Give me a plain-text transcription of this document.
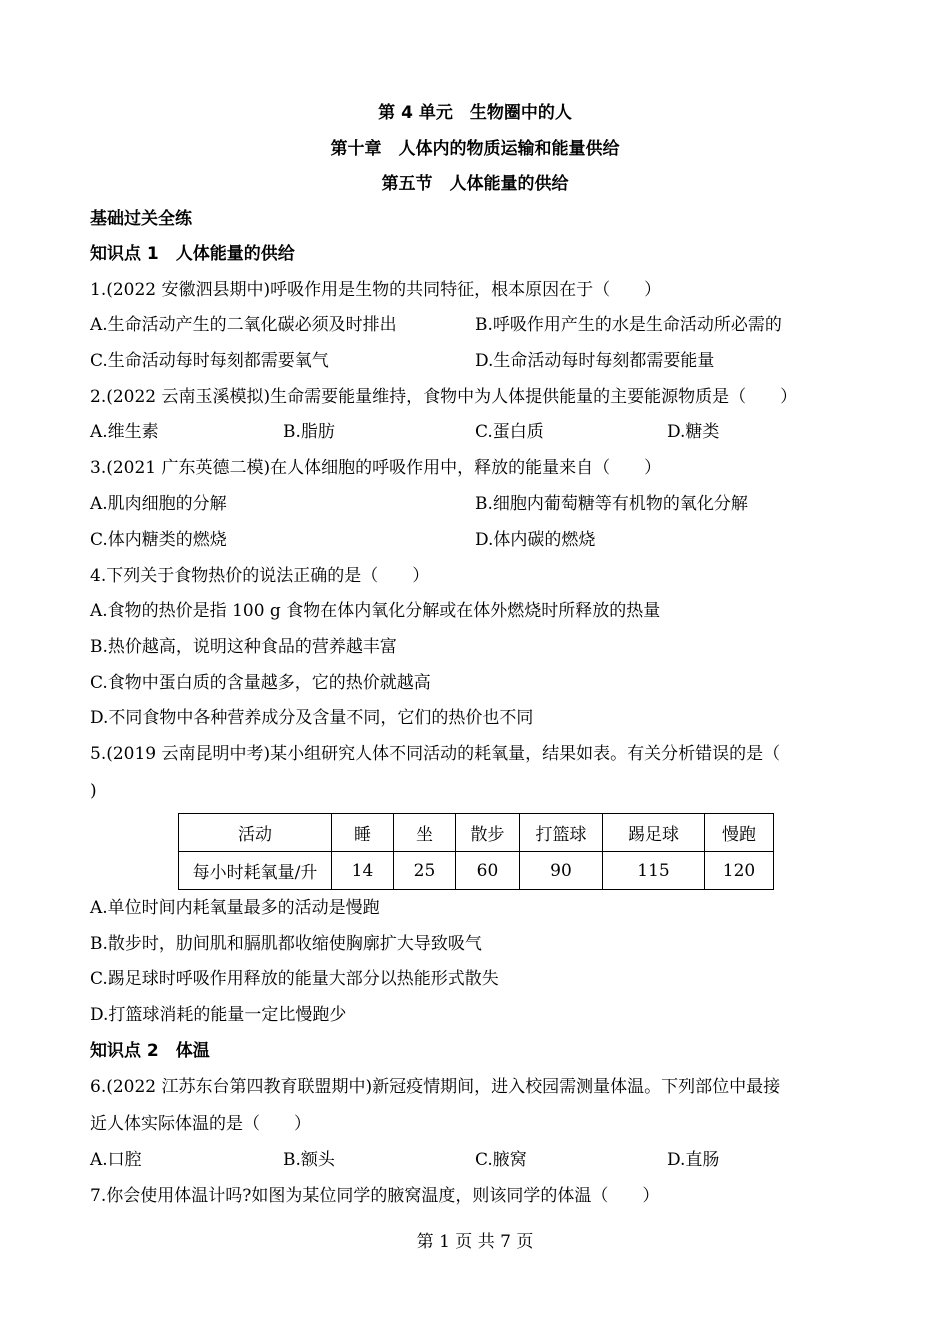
第 4 单元　生物圈中的人
第十章　人体内的物质运输和能量供给
第五节　人体能量的供给
基础过关全练
知识点 1　人体能量的供给
1.(2022 安徽泗县期中)呼吸作用是生物的共同特征，根本原因在于（　　）
A.生命活动产生的二氧化碳必须及时排出	B.呼吸作用产生的水是生命活动所必需的
C.生命活动每时每刻都需要氧气	D.生命活动每时每刻都需要能量
2.(2022 云南玉溪模拟)生命需要能量维持，食物中为人体提供能量的主要能源物质是（　　）
A.维生素	B.脂肪	C.蛋白质	D.糖类
3.(2021 广东英德二模)在人体细胞的呼吸作用中，释放的能量来自（　　）
A.肌肉细胞的分解	B.细胞内葡萄糖等有机物的氧化分解
C.体内糖类的燃烧	D.体内碳的燃烧
4.下列关于食物热价的说法正确的是（　　）
A.食物的热价是指 100 g 食物在体内氧化分解或在体外燃烧时所释放的热量
B.热价越高，说明这种食品的营养越丰富
C.食物中蛋白质的含量越多，它的热价就越高
D.不同食物中各种营养成分及含量不同，它们的热价也不同
5.(2019 云南昆明中考)某小组研究人体不同活动的耗氧量，结果如表。有关分析错误的是（
)
活动	睡	坐	散步	打篮球	踢足球	慢跑
每小时耗氧量/升	14	25	60	90	115	120
A.单位时间内耗氧量最多的活动是慢跑
B.散步时，肋间肌和膈肌都收缩使胸廓扩大导致吸气
C.踢足球时呼吸作用释放的能量大部分以热能形式散失
D.打篮球消耗的能量一定比慢跑少
知识点 2　体温
6.(2022 江苏东台第四教育联盟期中)新冠疫情期间，进入校园需测量体温。下列部位中最接
近人体实际体温的是（　　）
A.口腔	B.额头	C.腋窝	D.直肠
7.你会使用体温计吗?如图为某位同学的腋窝温度，则该同学的体温（　　）
第 1 页 共 7 页
